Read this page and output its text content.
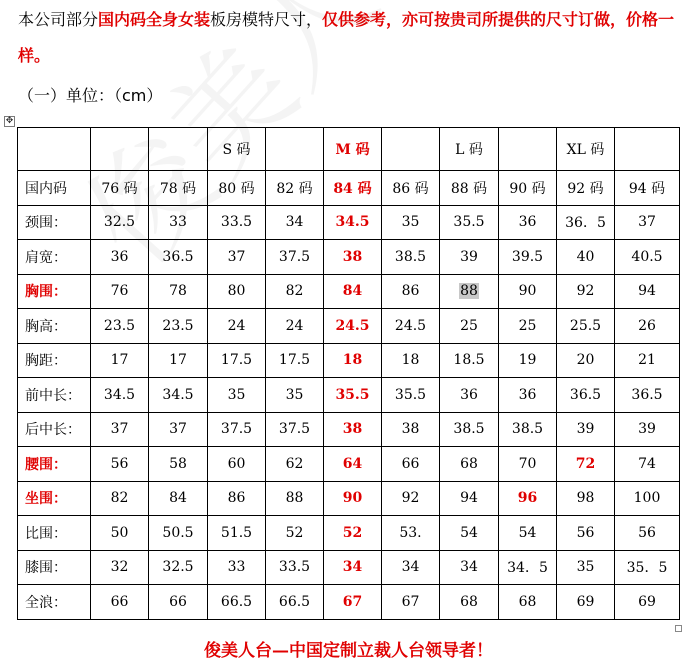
本公司部分国内码全身女装板房模特尺寸，仅供参考，亦可按贵司所提供的尺寸订做，价格一样。
（一）单位：（cm）
✥
			S 码		M 码		L 码		XL 码	
国内码	76 码	78 码	80 码	82 码	84 码	86 码	88 码	90 码	92 码	94 码
颈围：	32.5	33	33.5	34	34.5	35	35.5	36	36．5	37
肩宽：	36	36.5	37	37.5	38	38.5	39	39.5	40	40.5
胸围：	76	78	80	82	84	86	88	90	92	94
胸高：	23.5	23.5	24	24	24.5	24.5	25	25	25.5	26
胸距：	17	17	17.5	17.5	18	18	18.5	19	20	21
前中长：	34.5	34.5	35	35	35.5	35.5	36	36	36.5	36.5
后中长：	37	37	37.5	37.5	38	38	38.5	38.5	39	39
腰围：	56	58	60	62	64	66	68	70	72	74
坐围：	82	84	86	88	90	92	94	96	98	100
比围：	50	50.5	51.5	52	52	53.	54	54	56	56
膝围：	32	32.5	33	33.5	34	34	34	34．5	35	35．5
全浪：	66	66	66.5	66.5	67	67	68	68	69	69
俊美人台—中国定制立裁人台领导者！
